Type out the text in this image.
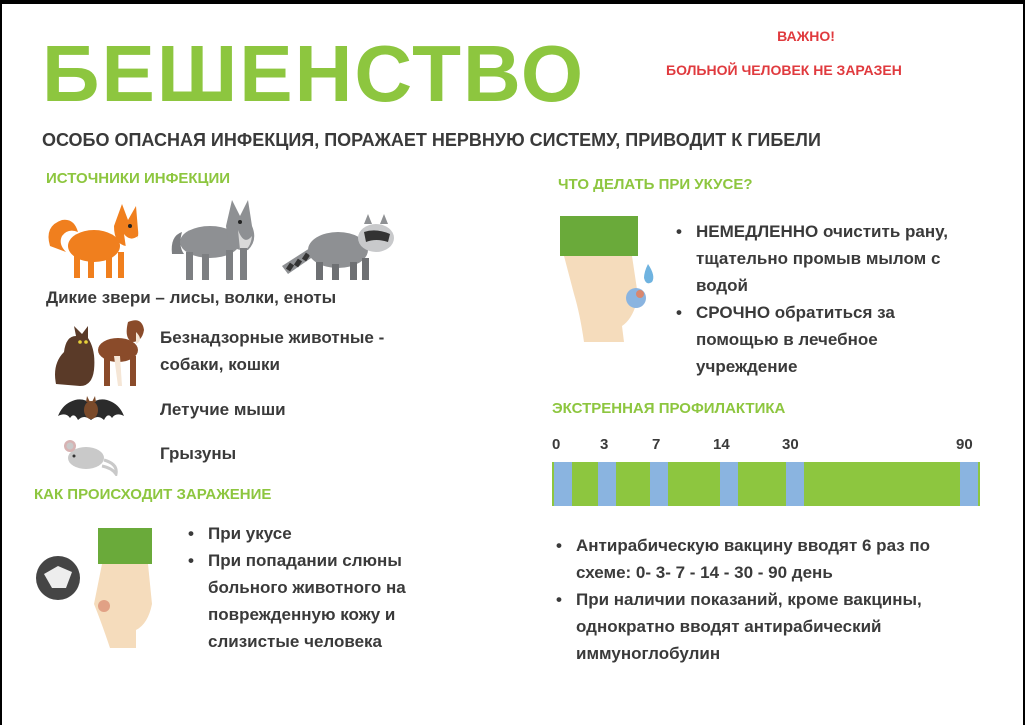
БЕШЕНСТВО	ВАЖНО!
БОЛЬНОЙ ЧЕЛОВЕК НЕ ЗАРАЗЕН
ОСОБО ОПАСНАЯ ИНФЕКЦИЯ, ПОРАЖАЕТ НЕРВНУЮ СИСТЕМУ, ПРИВОДИТ К ГИБЕЛИ
ИСТОЧНИКИ ИНФЕКЦИИ
Дикие звери – лисы, волки, еноты
Безнадзорные животные -
собаки, кошки
Летучие мыши
Грызуны
КАК ПРОИСХОДИТ ЗАРАЖЕНИЕ
• При укусе
• При попадании слюны больного животного на поврежденную кожу и слизистые человека
ЧТО ДЕЛАТЬ ПРИ УКУСЕ?
• НЕМЕДЛЕННО очистить рану, тщательно промыв мылом с водой
• СРОЧНО обратиться за помощью в лечебное учреждение
ЭКСТРЕННАЯ ПРОФИЛАКТИКА
0	3	7	14	30	90
• Антирабическую вакцину вводят 6 раз по схеме: 0- 3- 7 - 14 - 30 - 90 день
• При наличии показаний, кроме вакцины, однократно вводят антирабический иммуноглобулин
